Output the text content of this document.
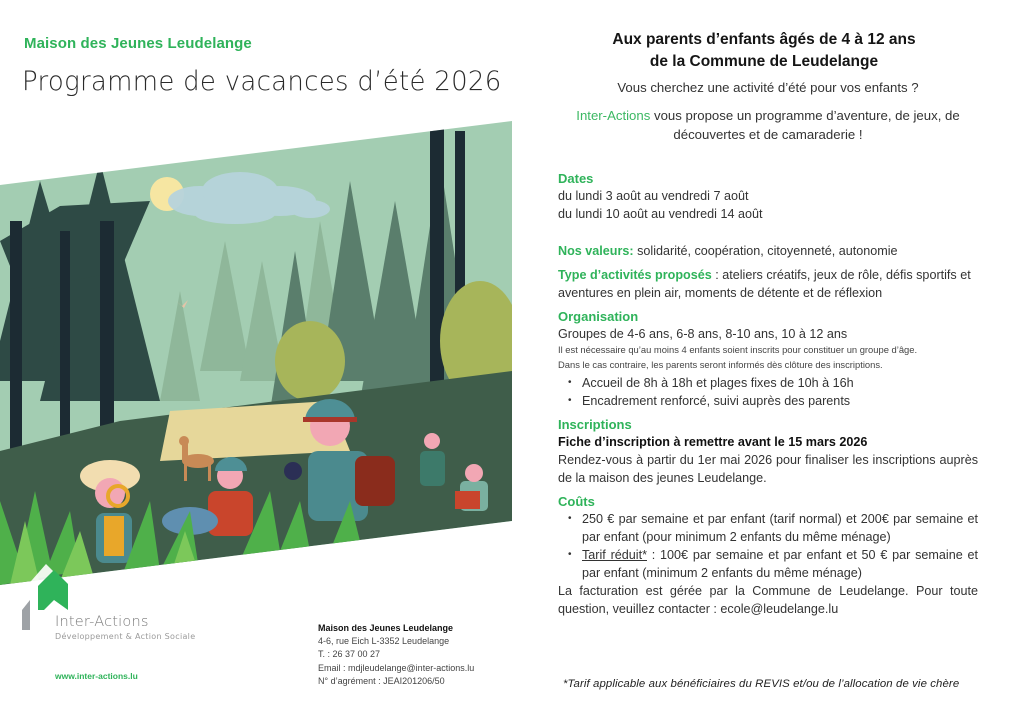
Maison des Jeunes Leudelange
Programme de vacances d’été 2026
Inter-Actions
Développement & Action Sociale
www.inter-actions.lu
Maison des Jeunes Leudelange
4-6, rue Eich L-3352 Leudelange
T. : 26 37 00 27
Email : mdjleudelange@inter-actions.lu
N° d’agrément : JEAI201206/50
Aux parents d’enfants âgés de 4 à 12 ans
de la Commune de Leudelange
Vous cherchez une activité d’été pour vos enfants ?
Inter-Actions vous propose un programme d’aventure, de jeux, de découvertes et de camaraderie !
Dates
du lundi 3 août au vendredi 7 août
du lundi 10 août au vendredi 14 août
Nos valeurs: solidarité, coopération, citoyenneté, autonomie
Type d’activités proposés : ateliers créatifs, jeux de rôle, défis sportifs et aventures en plein air, moments de détente et de réflexion
Organisation
Groupes de 4-6 ans, 6-8 ans, 8-10 ans, 10 à 12 ans
Il est nécessaire qu’au moins 4 enfants soient inscrits pour constituer un groupe d’âge.
Dans le cas contraire, les parents seront informés dès clôture des inscriptions.
• Accueil de 8h à 18h et plages fixes de 10h à 16h
• Encadrement renforcé, suivi auprès des parents
Inscriptions
Fiche d’inscription à remettre avant le 15 mars 2026
Rendez-vous à partir du 1er mai 2026 pour finaliser les inscriptions auprès de la maison des jeunes Leudelange.
Coûts
• 250 € par semaine et par enfant (tarif normal) et 200€ par semaine et par enfant (pour minimum 2 enfants du même ménage)
• Tarif réduit* : 100€ par semaine et par enfant et 50 € par semaine et par enfant (minimum 2 enfants du même ménage)
La facturation est gérée par la Commune de Leudelange. Pour toute question, veuillez contacter : ecole@leudelange.lu
*Tarif applicable aux bénéficiaires du REVIS et/ou de l’allocation de vie chère
